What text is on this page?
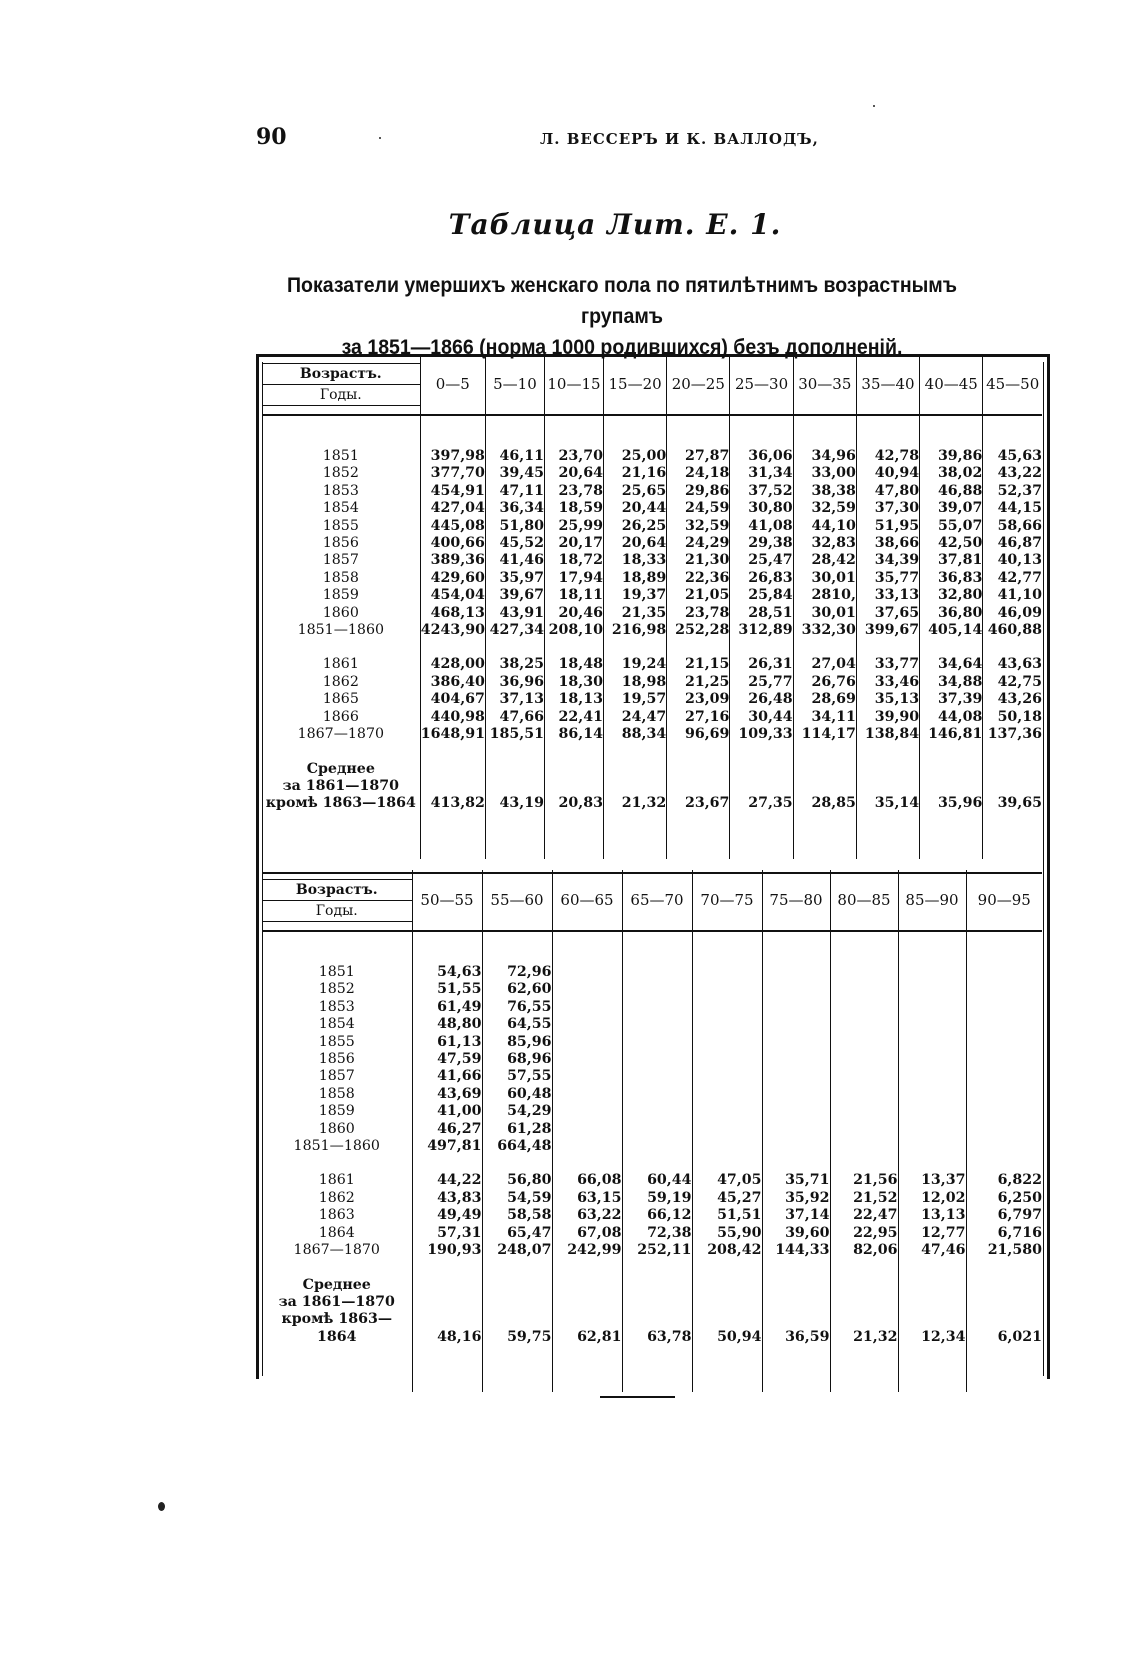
90	Л. ВЕССЕРЪ И К. ВАЛЛОДЪ,
Таблица Лит. Е. 1.
Показатели умершихъ женскаго пола по пятилѣтнимъ возрастнымъ групамъ
за 1851—1866 (норма 1000 родившихся) безъ дополненій.
Возрастъ.
Годы.	0—5	5—10	10—15	15—20	20—25	25—30	30—35	35—40	40—45	45—50

1851	397,98	46,11	23,70	25,00	27,87	36,06	34,96	42,78	39,86	45,63
1852	377,70	39,45	20,64	21,16	24,18	31,34	33,00	40,94	38,02	43,22
1853	454,91	47,11	23,78	25,65	29,86	37,52	38,38	47,80	46,88	52,37
1854	427,04	36,34	18,59	20,44	24,59	30,80	32,59	37,30	39,07	44,15
1855	445,08	51,80	25,99	26,25	32,59	41,08	44,10	51,95	55,07	58,66
1856	400,66	45,52	20,17	20,64	24,29	29,38	32,83	38,66	42,50	46,87
1857	389,36	41,46	18,72	18,33	21,30	25,47	28,42	34,39	37,81	40,13
1858	429,60	35,97	17,94	18,89	22,36	26,83	30,01	35,77	36,83	42,77
1859	454,04	39,67	18,11	19,37	21,05	25,84	2810,	33,13	32,80	41,10
1860	468,13	43,91	20,46	21,35	23,78	28,51	30,01	37,65	36,80	46,09
1851—1860	4243,90	427,34	208,10	216,98	252,28	312,89	332,30	399,67	405,14	460,88

1861	428,00	38,25	18,48	19,24	21,15	26,31	27,04	33,77	34,64	43,63
1862	386,40	36,96	18,30	18,98	21,25	25,77	26,76	33,46	34,88	42,75
1865	404,67	37,13	18,13	19,57	23,09	26,48	28,69	35,13	37,39	43,26
1866	440,98	47,66	22,41	24,47	27,16	30,44	34,11	39,90	44,08	50,18
1867—1870	1648,91	185,51	86,14	88,34	96,69	109,33	114,17	138,84	146,81	137,36

Среднее
за 1861—1870
кромѣ 1863—1864	413,82	43,19	20,83	21,32	23,67	27,35	28,85	35,14	35,96	39,65

Возрастъ.
Годы.	50—55	55—60	60—65	65—70	70—75	75—80	80—85	85—90	90—95

1851	54,63	72,96							
1852	51,55	62,60							
1853	61,49	76,55							
1854	48,80	64,55							
1855	61,13	85,96							
1856	47,59	68,96							
1857	41,66	57,55							
1858	43,69	60,48							
1859	41,00	54,29							
1860	46,27	61,28							
1851—1860	497,81	664,48							

1861	44,22	56,80	66,08	60,44	47,05	35,71	21,56	13,37	6,822
1862	43,83	54,59	63,15	59,19	45,27	35,92	21,52	12,02	6,250
1863	49,49	58,58	63,22	66,12	51,51	37,14	22,47	13,13	6,797
1864	57,31	65,47	67,08	72,38	55,90	39,60	22,95	12,77	6,716
1867—1870	190,93	248,07	242,99	252,11	208,42	144,33	82,06	47,46	21,580

Среднее
за 1861—1870
кромѣ 1863—1864	48,16	59,75	62,81	63,78	50,94	36,59	21,32	12,34	6,021
